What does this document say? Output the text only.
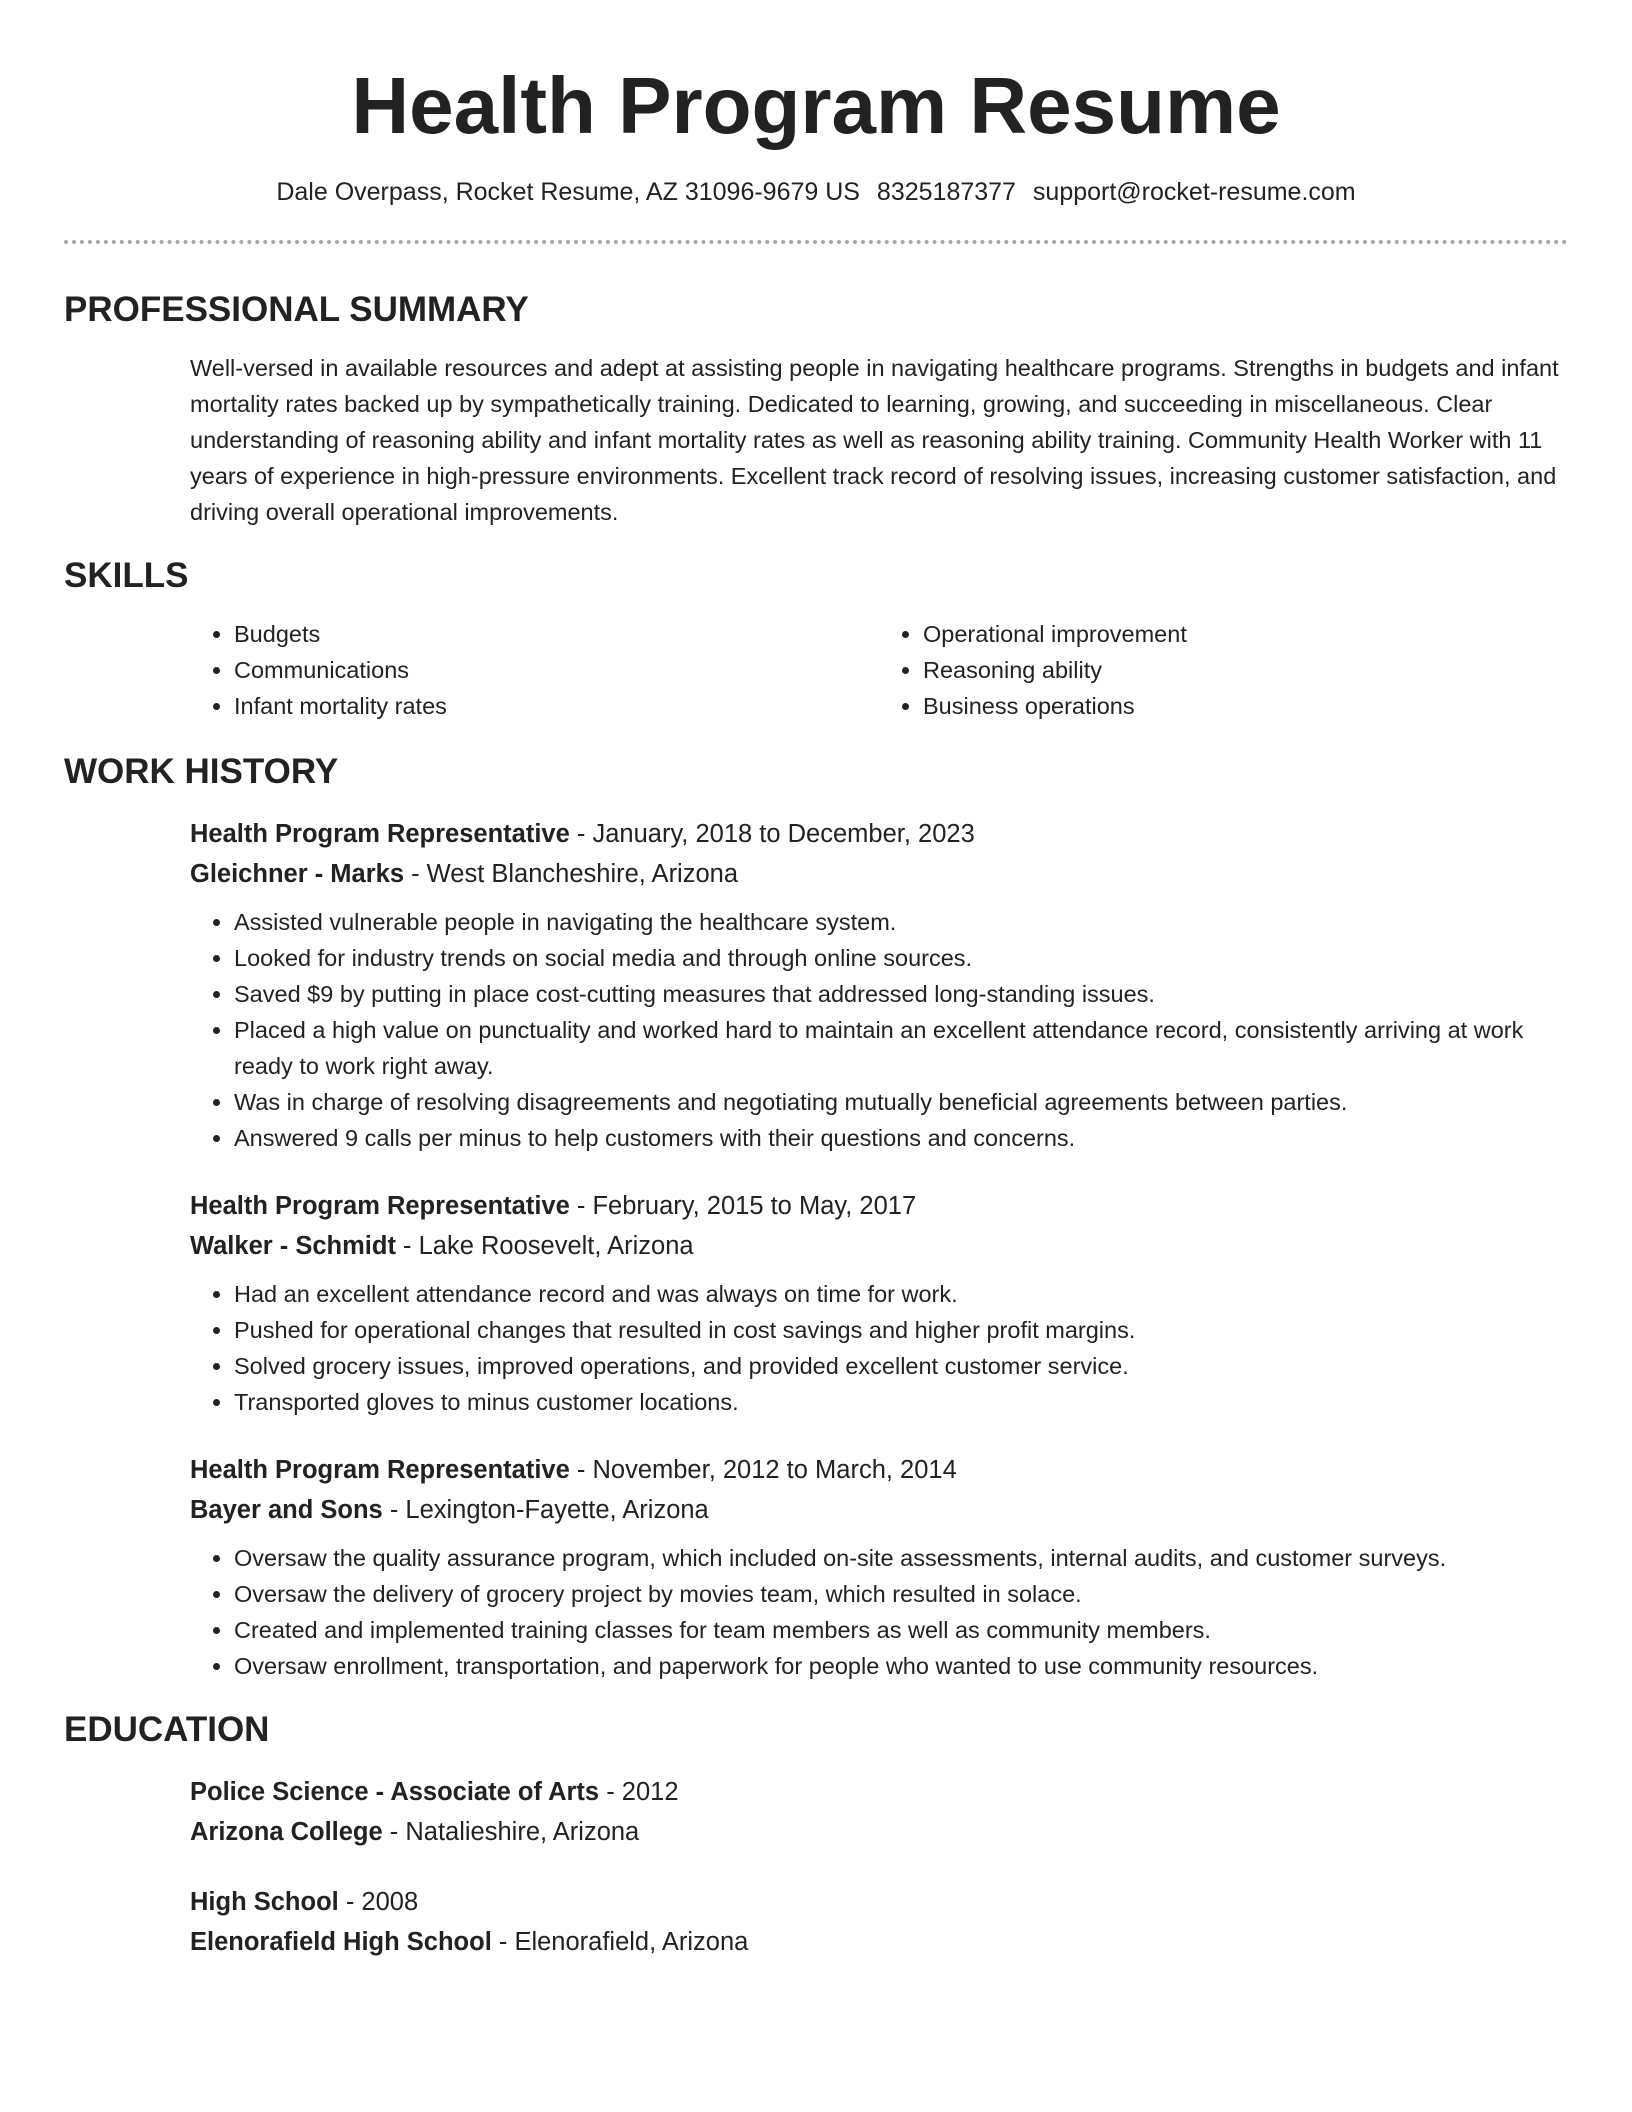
Health Program Resume
Dale Overpass, Rocket Resume, AZ 31096-9679 US 8325187377 support@rocket-resume.com
PROFESSIONAL SUMMARY

Well-versed in available resources and adept at assisting people in navigating healthcare programs. Strengths in budgets and infant mortality rates backed up by sympathetically training. Dedicated to learning, growing, and succeeding in miscellaneous. Clear understanding of reasoning ability and infant mortality rates as well as reasoning ability training. Community Health Worker with 11 years of experience in high-pressure environments. Excellent track record of resolving issues, increasing customer satisfaction, and driving overall operational improvements.

SKILLS
• Budgets
• Communications
• Infant mortality rates
• Operational improvement
• Reasoning ability
• Business operations
WORK HISTORY
Health Program Representative - January, 2018 to December, 2023
Gleichner - Marks - West Blancheshire, Arizona
• Assisted vulnerable people in navigating the healthcare system.
• Looked for industry trends on social media and through online sources.
• Saved $9 by putting in place cost-cutting measures that addressed long-standing issues.
• Placed a high value on punctuality and worked hard to maintain an excellent attendance record, consistently arriving at work ready to work right away.
• Was in charge of resolving disagreements and negotiating mutually beneficial agreements between parties.
• Answered 9 calls per minus to help customers with their questions and concerns.
Health Program Representative - February, 2015 to May, 2017
Walker - Schmidt - Lake Roosevelt, Arizona
• Had an excellent attendance record and was always on time for work.
• Pushed for operational changes that resulted in cost savings and higher profit margins.
• Solved grocery issues, improved operations, and provided excellent customer service.
• Transported gloves to minus customer locations.
Health Program Representative - November, 2012 to March, 2014
Bayer and Sons - Lexington-Fayette, Arizona
• Oversaw the quality assurance program, which included on-site assessments, internal audits, and customer surveys.
• Oversaw the delivery of grocery project by movies team, which resulted in solace.
• Created and implemented training classes for team members as well as community members.
• Oversaw enrollment, transportation, and paperwork for people who wanted to use community resources.
EDUCATION
Police Science - Associate of Arts - 2012
Arizona College - Natalieshire, Arizona
High School - 2008
Elenorafield High School - Elenorafield, Arizona
